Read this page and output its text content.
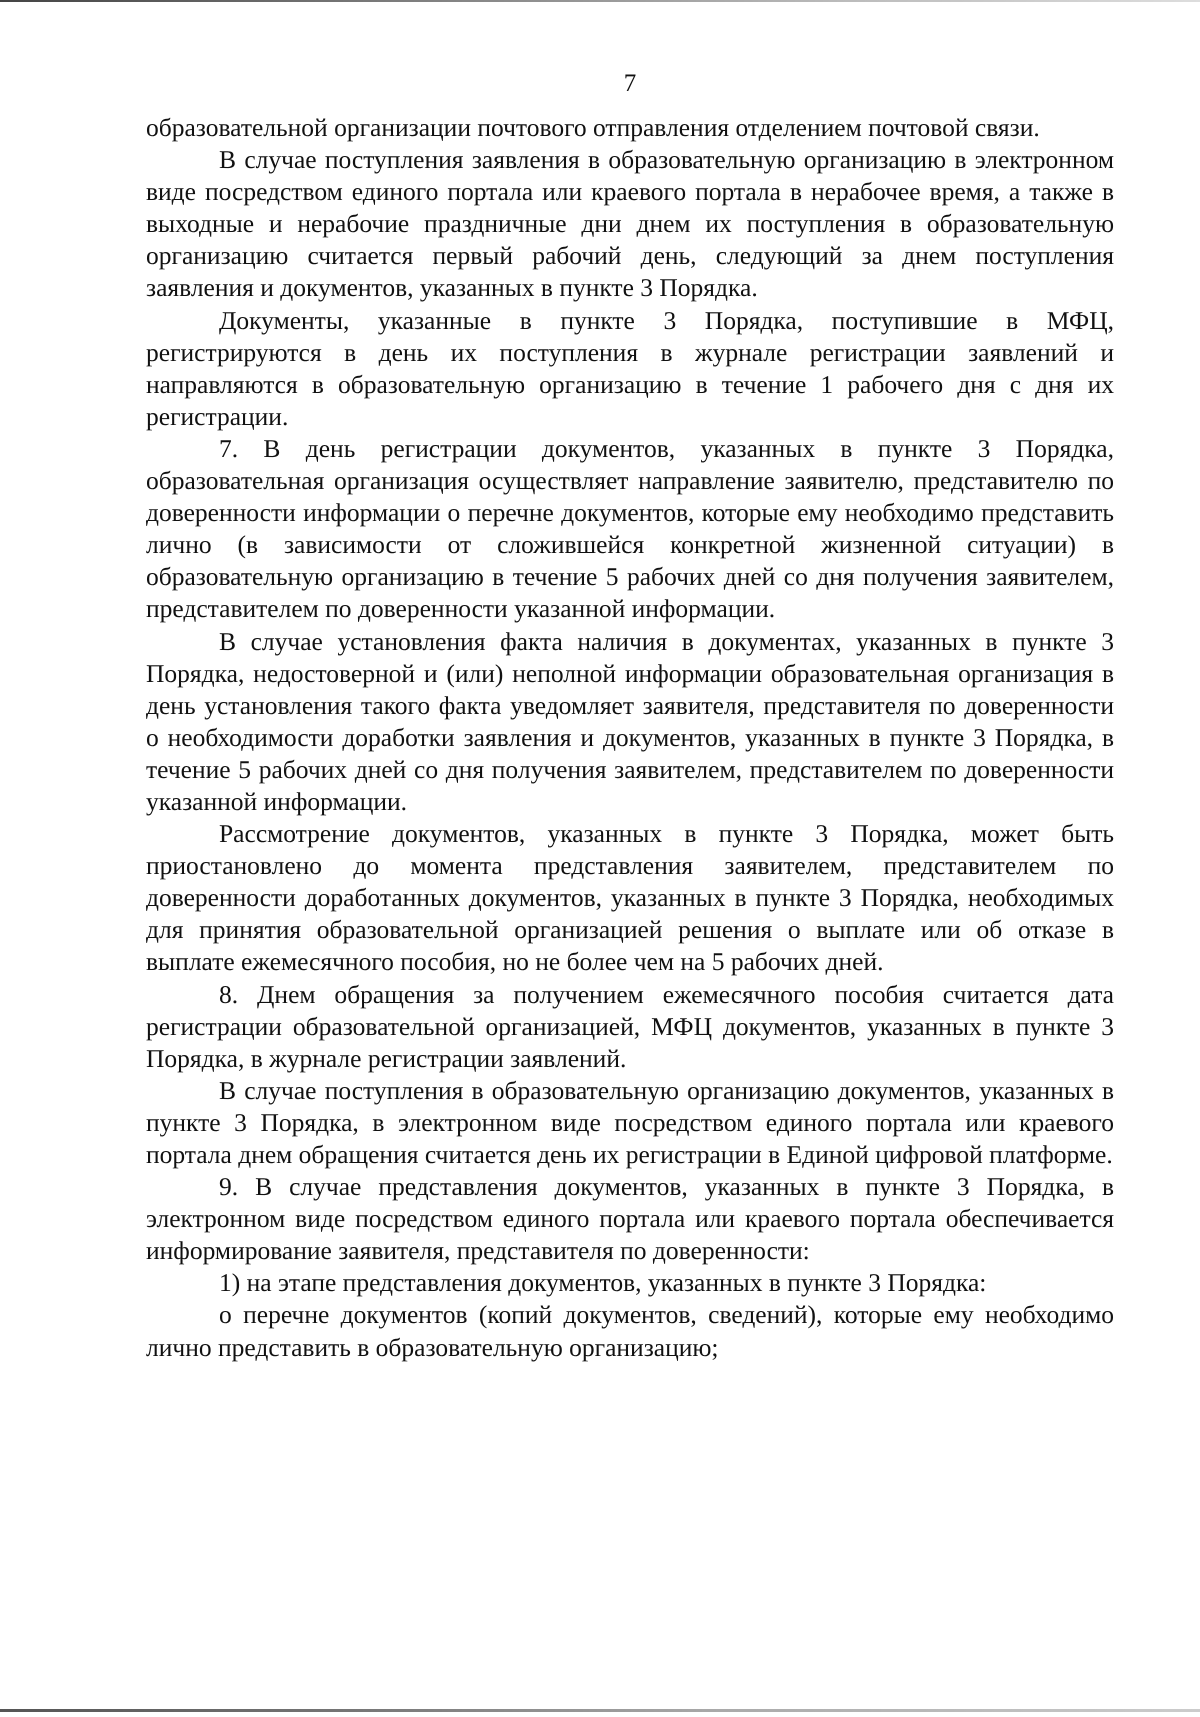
7

образовательной организации почтового отправления отделением почтовой связи.

В случае поступления заявления в образовательную организацию в электронном виде посредством единого портала или краевого портала в нерабочее время, а также в выходные и нерабочие праздничные дни днем их поступления в образовательную организацию считается первый рабочий день, следующий за днем поступления заявления и документов, указанных в пункте 3 Порядка.

Документы, указанные в пункте 3 Порядка, поступившие в МФЦ, регистрируются в день их поступления в журнале регистрации заявлений и направляются в образовательную организацию в течение 1 рабочего дня с дня их регистрации.

7. В день регистрации документов, указанных в пункте 3 Порядка, образовательная организация осуществляет направление заявителю, представителю по доверенности информации о перечне документов, которые ему необходимо представить лично (в зависимости от сложившейся конкретной жизненной ситуации) в образовательную организацию в течение 5 рабочих дней со дня получения заявителем, представителем по доверенности указанной информации.

В случае установления факта наличия в документах, указанных в пункте 3 Порядка, недостоверной и (или) неполной информации образовательная организация в день установления такого факта уведомляет заявителя, представителя по доверенности о необходимости доработки заявления и документов, указанных в пункте 3 Порядка, в течение 5 рабочих дней со дня получения заявителем, представителем по доверенности указанной информации.

Рассмотрение документов, указанных в пункте 3 Порядка, может быть приостановлено до момента представления заявителем, представителем по доверенности доработанных документов, указанных в пункте 3 Порядка, необходимых для принятия образовательной организацией решения о выплате или об отказе в выплате ежемесячного пособия, но не более чем на 5 рабочих дней.

8. Днем обращения за получением ежемесячного пособия считается дата регистрации образовательной организацией, МФЦ документов, указанных в пункте 3 Порядка, в журнале регистрации заявлений.

В случае поступления в образовательную организацию документов, указанных в пункте 3 Порядка, в электронном виде посредством единого портала или краевого портала днем обращения считается день их регистрации в Единой цифровой платформе.

9. В случае представления документов, указанных в пункте 3 Порядка, в электронном виде посредством единого портала или краевого портала обеспечивается информирование заявителя, представителя по доверенности:

1) на этапе представления документов, указанных в пункте 3 Порядка:

о перечне документов (копий документов, сведений), которые ему необходимо лично представить в образовательную организацию;
